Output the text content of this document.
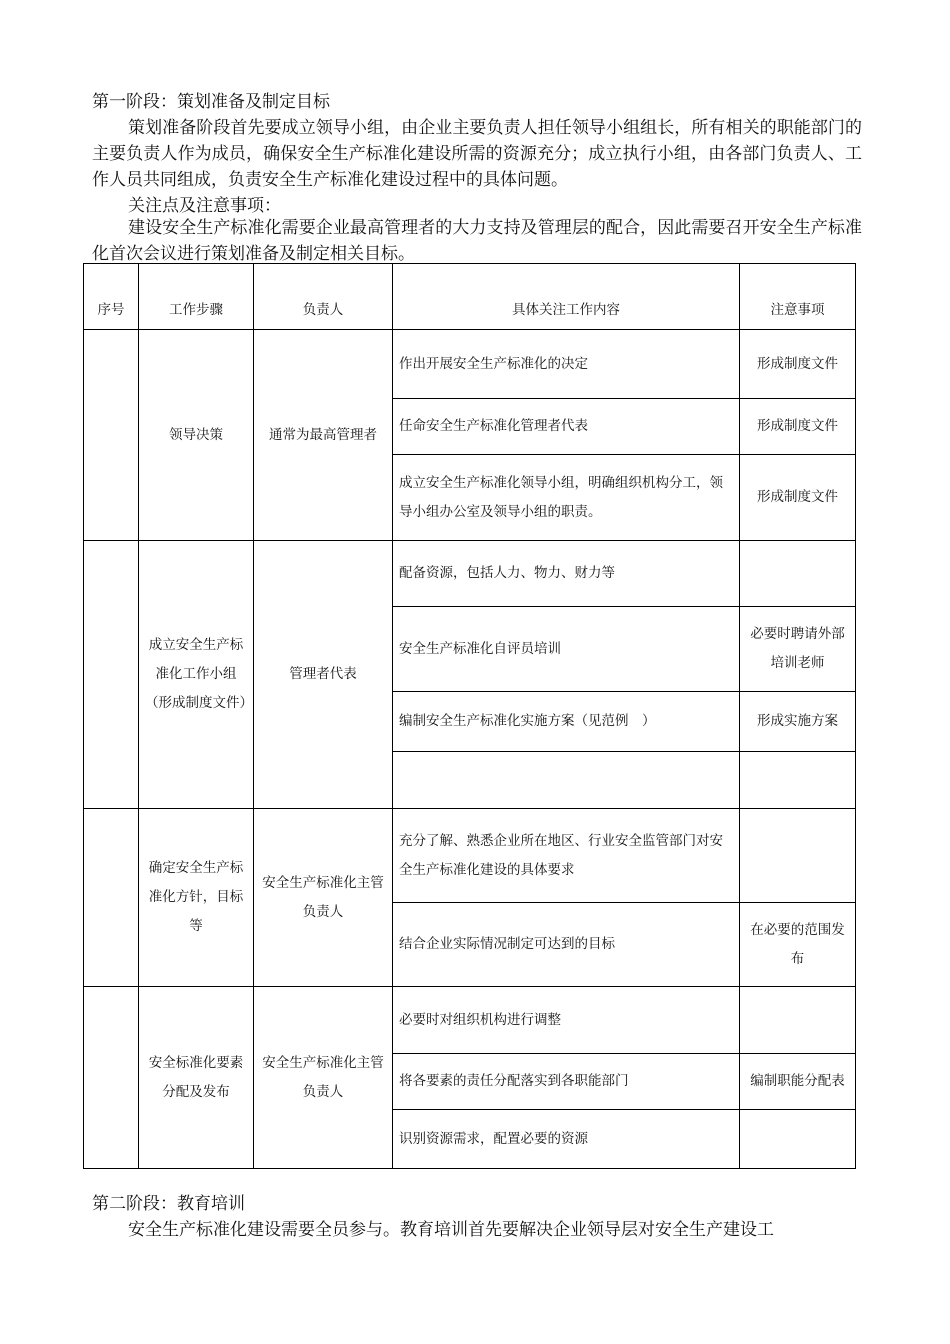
第一阶段：策划准备及制定目标

策划准备阶段首先要成立领导小组，由企业主要负责人担任领导小组组长，所有相关的职能部门的主要负责人作为成员，确保安全生产标准化建设所需的资源充分；成立执行小组，由各部门负责人、工作人员共同组成，负责安全生产标准化建设过程中的具体问题。

关注点及注意事项：

建设安全生产标准化需要企业最高管理者的大力支持及管理层的配合，因此需要召开安全生产标准化首次会议进行策划准备及制定相关目标。

序号	工作步骤	负责人	具体关注工作内容	注意事项
	领导决策	通常为最高管理者	作出开展安全生产标准化的决定	形成制度文件
			任命安全生产标准化管理者代表	形成制度文件
			成立安全生产标准化领导小组，明确组织机构分工，领导小组办公室及领导小组的职责。	形成制度文件
	成立安全生产标准化工作小组（形成制度文件）	管理者代表	配备资源，包括人力、物力、财力等	
			安全生产标准化自评员培训	必要时聘请外部培训老师
			编制安全生产标准化实施方案（见范例　）	形成实施方案

	确定安全生产标准化方针，目标等	安全生产标准化主管负责人	充分了解、熟悉企业所在地区、行业安全监管部门对安全生产标准化建设的具体要求	
			结合企业实际情况制定可达到的目标	在必要的范围发布
	安全标准化要素分配及发布	安全生产标准化主管负责人	必要时对组织机构进行调整	
			将各要素的责任分配落实到各职能部门	编制职能分配表
			识别资源需求，配置必要的资源	

第二阶段：教育培训

安全生产标准化建设需要全员参与。教育培训首先要解决企业领导层对安全生产建设工
